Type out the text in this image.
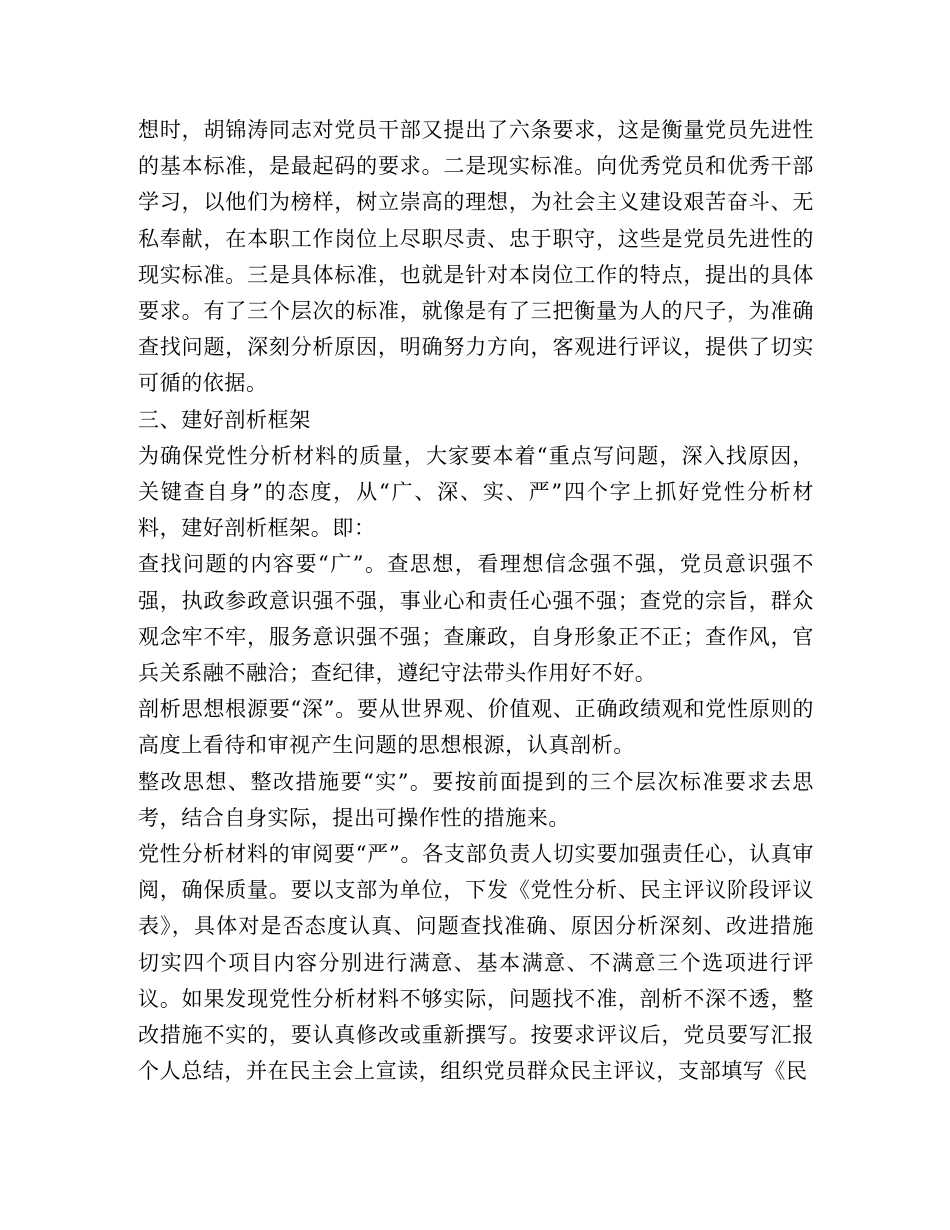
想时，胡锦涛同志对党员干部又提出了六条要求，这是衡量党员先进性的基本标准，是最起码的要求。二是现实标准。向优秀党员和优秀干部学习，以他们为榜样，树立崇高的理想，为社会主义建设艰苦奋斗、无私奉献，在本职工作岗位上尽职尽责、忠于职守，这些是党员先进性的现实标准。三是具体标准，也就是针对本岗位工作的特点，提出的具体要求。有了三个层次的标准，就像是有了三把衡量为人的尺子，为准确查找问题，深刻分析原因，明确努力方向，客观进行评议，提供了切实可循的依据。

三、建好剖析框架

为确保党性分析材料的质量，大家要本着“重点写问题，深入找原因，关键查自身”的态度，从“广、深、实、严”四个字上抓好党性分析材料，建好剖析框架。即：

查找问题的内容要“广”。查思想，看理想信念强不强，党员意识强不强，执政参政意识强不强，事业心和责任心强不强；查党的宗旨，群众观念牢不牢，服务意识强不强；查廉政，自身形象正不正；查作风，官兵关系融不融洽；查纪律，遵纪守法带头作用好不好。

剖析思想根源要“深”。要从世界观、价值观、正确政绩观和党性原则的高度上看待和审视产生问题的思想根源，认真剖析。

整改思想、整改措施要“实”。要按前面提到的三个层次标准要求去思考，结合自身实际，提出可操作性的措施来。

党性分析材料的审阅要“严”。各支部负责人切实要加强责任心，认真审阅，确保质量。要以支部为单位，下发《党性分析、民主评议阶段评议表》，具体对是否态度认真、问题查找准确、原因分析深刻、改进措施切实四个项目内容分别进行满意、基本满意、不满意三个选项进行评议。如果发现党性分析材料不够实际，问题找不准，剖析不深不透，整改措施不实的，要认真修改或重新撰写。按要求评议后，党员要写汇报个人总结，并在民主会上宣读，组织党员群众民主评议，支部填写《民
